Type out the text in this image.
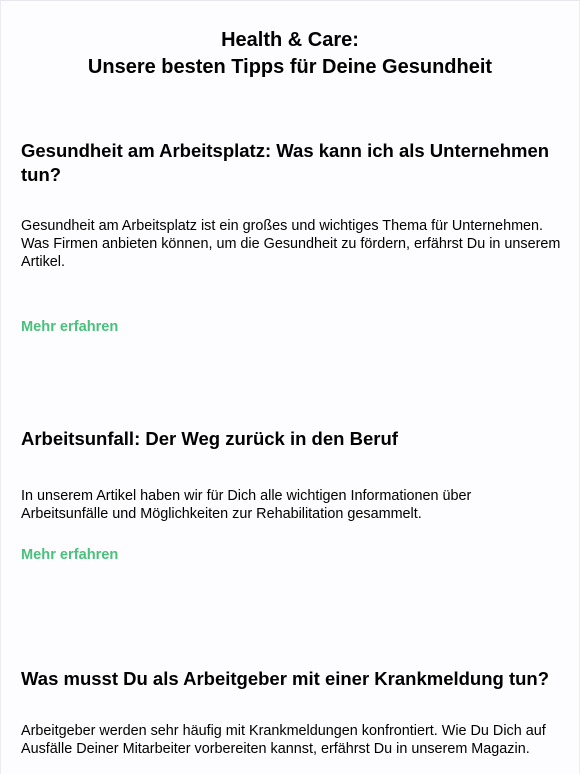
Health & Care:
Unsere besten Tipps für Deine Gesundheit
Gesundheit am Arbeitsplatz: Was kann ich als Unternehmen tun?

Gesundheit am Arbeitsplatz ist ein großes und wichtiges Thema für Unternehmen. Was Firmen anbieten können, um die Gesundheit zu fördern, erfährst Du in unserem Artikel.

Mehr erfahren
Arbeitsunfall: Der Weg zurück in den Beruf

In unserem Artikel haben wir für Dich alle wichtigen Informationen über Arbeitsunfälle und Möglichkeiten zur Rehabilitation gesammelt.

Mehr erfahren
Was musst Du als Arbeitgeber mit einer Krankmeldung tun?

Arbeitgeber werden sehr häufig mit Krankmeldungen konfrontiert. Wie Du Dich auf Ausfälle Deiner Mitarbeiter vorbereiten kannst, erfährst Du in unserem Magazin.
